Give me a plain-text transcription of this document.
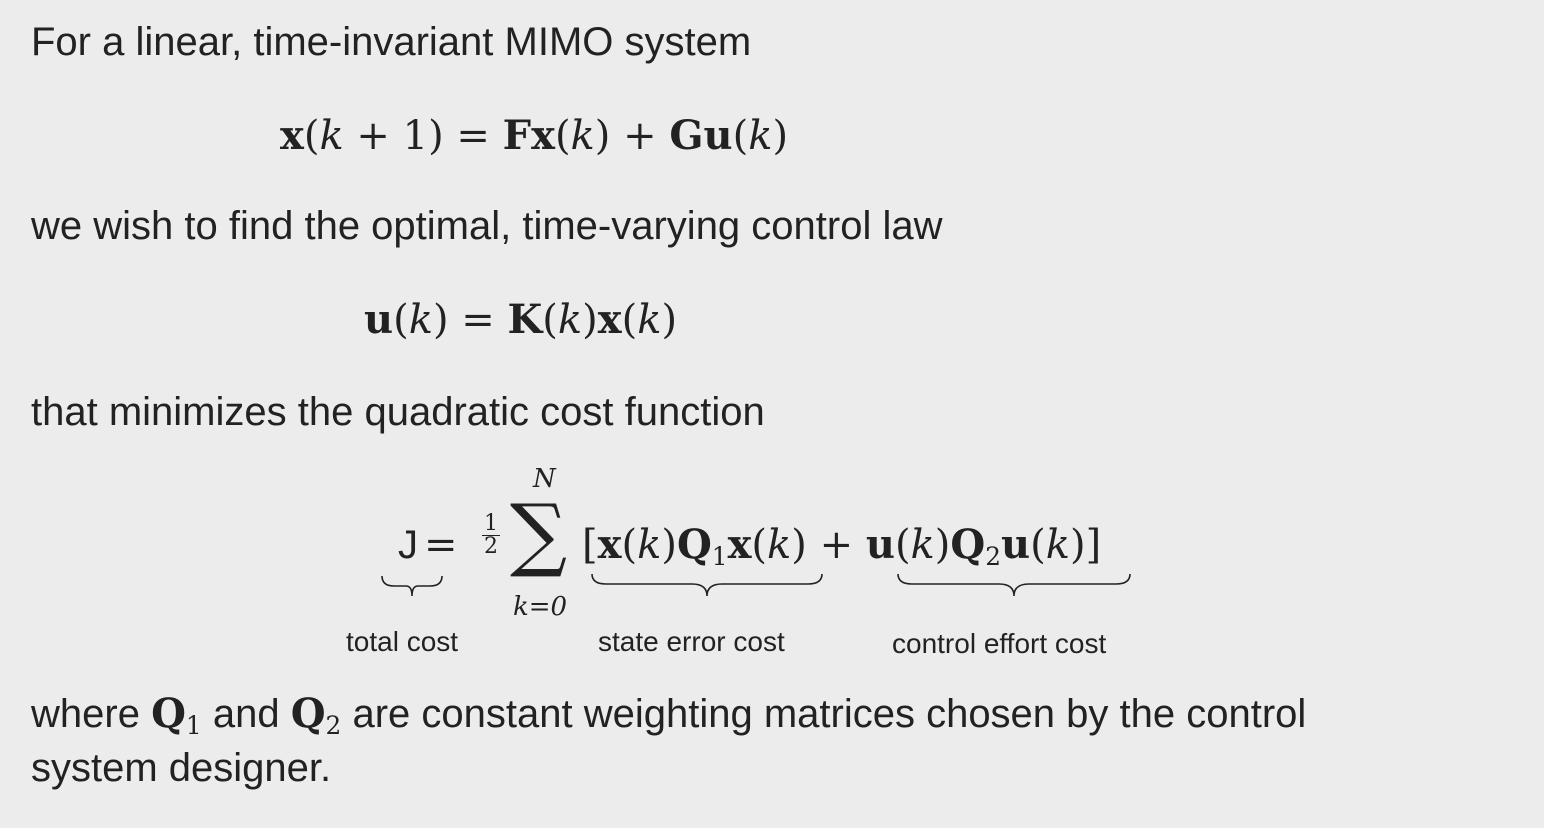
For a linear, time-invariant MIMO system
x(k + 1) = Fx(k) + Gu(k)
we wish to find the optimal, time-varying control law
u(k) = K(k)x(k)
that minimizes the quadratic cost function
$J = \frac{1}{2}$
N
∑
k=0
$[x(k)Q_1x(k) + u(k)Q_2u(k)]$
total cost	state error cost	control effort cost
where $Q_1$ and $Q_2$ are constant weighting matrices chosen by the control
system designer.
